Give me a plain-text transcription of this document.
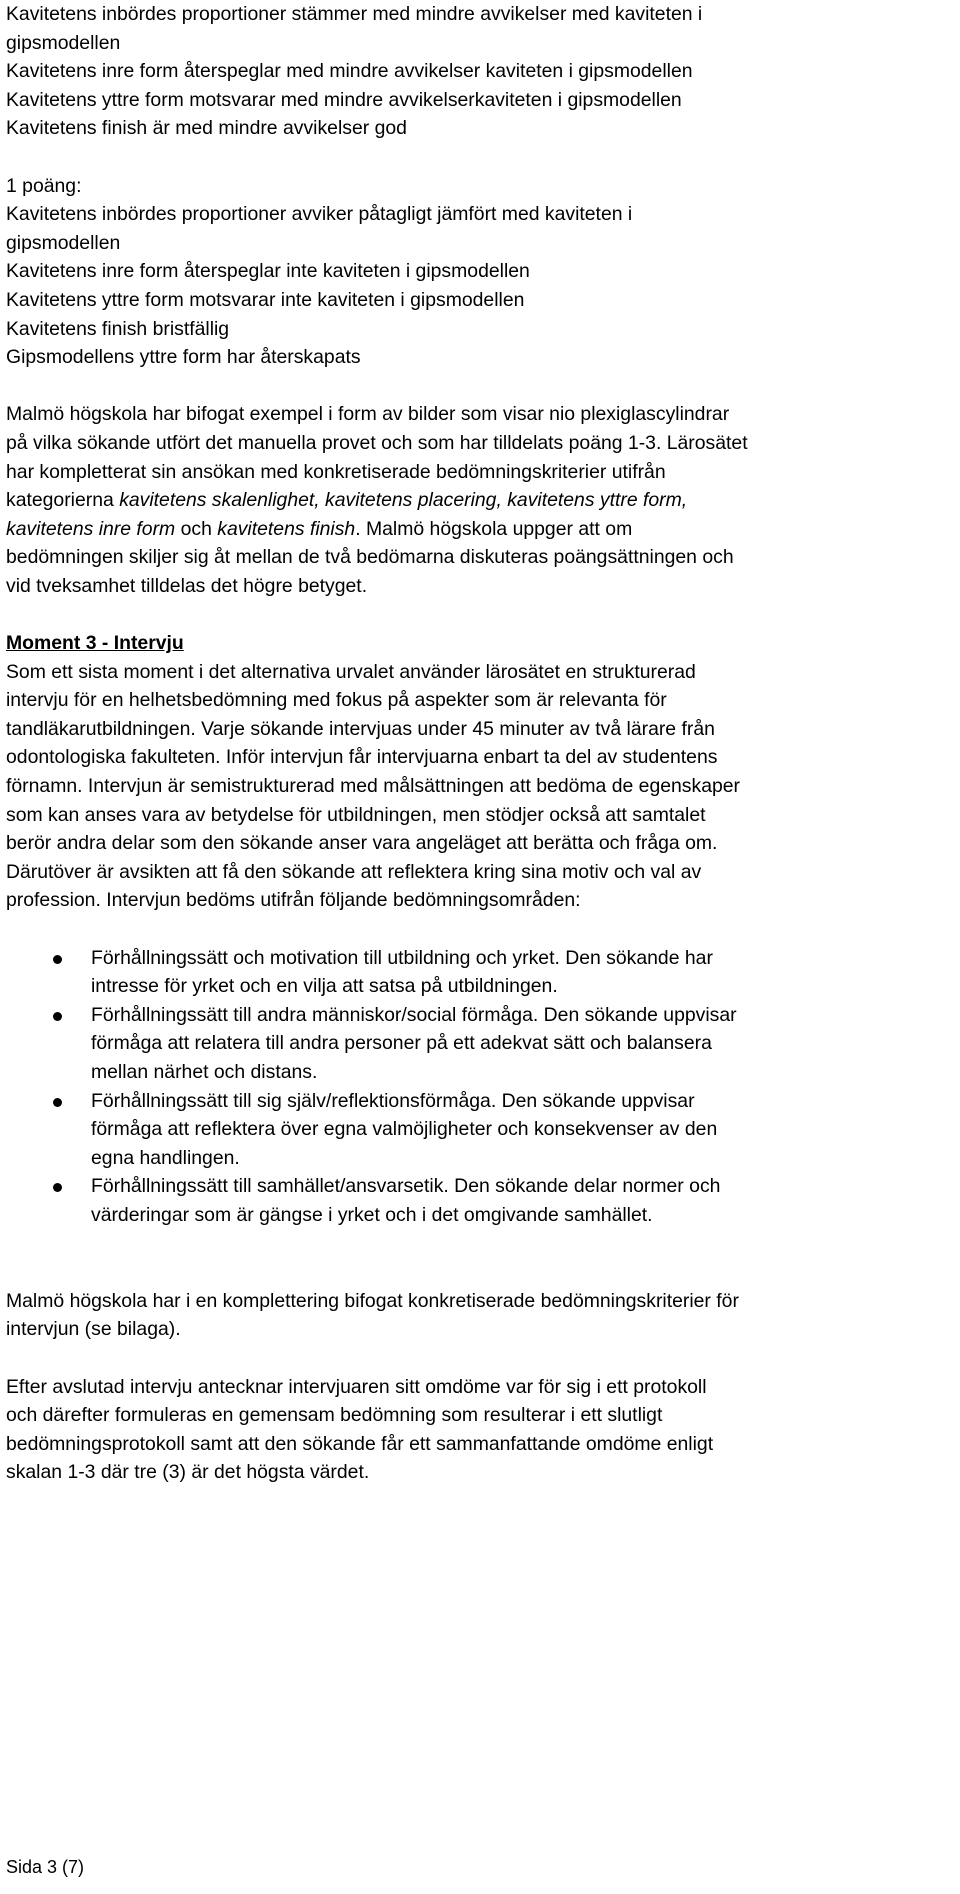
Kavitetens inbördes proportioner stämmer med mindre avvikelser med kaviteten i
gipsmodellen
Kavitetens inre form återspeglar med mindre avvikelser kaviteten i gipsmodellen
Kavitetens yttre form motsvarar med mindre avvikelserkaviteten i gipsmodellen
Kavitetens finish är med mindre avvikelser god
1 poäng:
Kavitetens inbördes proportioner avviker påtagligt jämfört med kaviteten i
gipsmodellen
Kavitetens inre form återspeglar inte kaviteten i gipsmodellen
Kavitetens yttre form motsvarar inte kaviteten i gipsmodellen
Kavitetens finish bristfällig
Gipsmodellens yttre form har återskapats
Malmö högskola har bifogat exempel i form av bilder som visar nio plexiglascylindrar
på vilka sökande utfört det manuella provet och som har tilldelats poäng 1-3. Lärosätet
har kompletterat sin ansökan med konkretiserade bedömningskriterier utifrån
kategorierna kavitetens skalenlighet, kavitetens placering, kavitetens yttre form,
kavitetens inre form och kavitetens finish. Malmö högskola uppger att om
bedömningen skiljer sig åt mellan de två bedömarna diskuteras poängsättningen och
vid tveksamhet tilldelas det högre betyget.
Moment 3 - Intervju
Som ett sista moment i det alternativa urvalet använder lärosätet en strukturerad
intervju för en helhetsbedömning med fokus på aspekter som är relevanta för
tandläkarutbildningen. Varje sökande intervjuas under 45 minuter av två lärare från
odontologiska fakulteten. Inför intervjun får intervjuarna enbart ta del av studentens
förnamn. Intervjun är semistrukturerad med målsättningen att bedöma de egenskaper
som kan anses vara av betydelse för utbildningen, men stödjer också att samtalet
berör andra delar som den sökande anser vara angeläget att berätta och fråga om.
Därutöver är avsikten att få den sökande att reflektera kring sina motiv och val av
profession. Intervjun bedöms utifrån följande bedömningsområden:
Förhållningssätt och motivation till utbildning och yrket. Den sökande har
intresse för yrket och en vilja att satsa på utbildningen.
Förhållningssätt till andra människor/social förmåga. Den sökande uppvisar
förmåga att relatera till andra personer på ett adekvat sätt och balansera
mellan närhet och distans.
Förhållningssätt till sig själv/reflektionsförmåga. Den sökande uppvisar
förmåga att reflektera över egna valmöjligheter och konsekvenser av den
egna handlingen.
Förhållningssätt till samhället/ansvarsetik. Den sökande delar normer och
värderingar som är gängse i yrket och i det omgivande samhället.
Malmö högskola har i en komplettering bifogat konkretiserade bedömningskriterier för
intervjun (se bilaga).
Efter avslutad intervju antecknar intervjuaren sitt omdöme var för sig i ett protokoll
och därefter formuleras en gemensam bedömning som resulterar i ett slutligt
bedömningsprotokoll samt att den sökande får ett sammanfattande omdöme enligt
skalan 1-3 där tre (3) är det högsta värdet.
Sida 3 (7)
